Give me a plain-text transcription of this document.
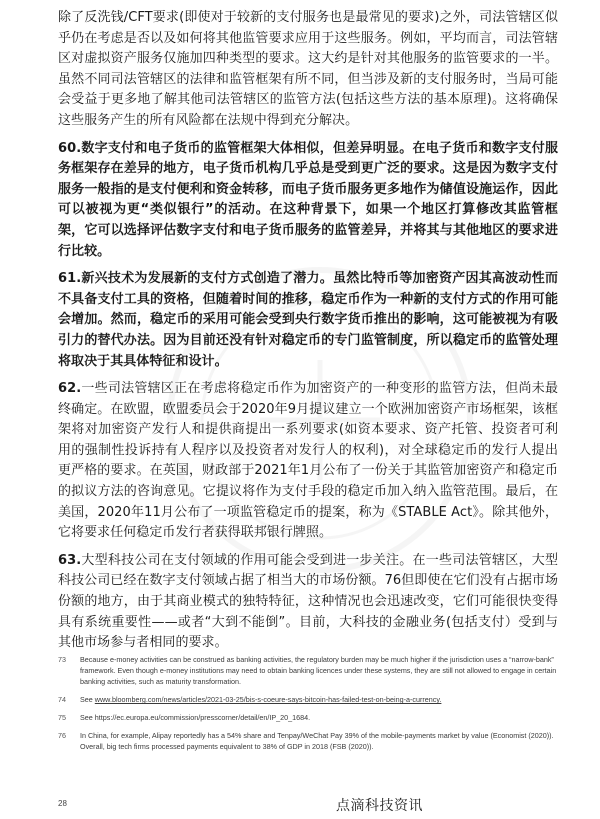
除了反洗钱/CFT要求(即使对于较新的支付服务也是最常见的要求)之外，司法管辖区似乎仍在考虑是否以及如何将其他监管要求应用于这些服务。例如，平均而言，司法管辖区对虚拟资产服务仅施加四种类型的要求。这大约是针对其他服务的监管要求的一半。虽然不同司法管辖区的法律和监管框架有所不同，但当涉及新的支付服务时，当局可能会受益于更多地了解其他司法管辖区的监管方法(包括这些方法的基本原理)。这将确保这些服务产生的所有风险都在法规中得到充分解决。

60.数字支付和电子货币的监管框架大体相似，但差异明显。在电子货币和数字支付服务框架存在差异的地方，电子货币机构几乎总是受到更广泛的要求。这是因为数字支付服务一般指的是支付便利和资金转移，而电子货币服务更多地作为储值设施运作，因此可以被视为更“类似银行”的活动。在这种背景下，如果一个地区打算修改其监管框架，它可以选择评估数字支付和电子货币服务的监管差异，并将其与其他地区的要求进行比较。

61.新兴技术为发展新的支付方式创造了潜力。虽然比特币等加密资产因其高波动性而不具备支付工具的资格，但随着时间的推移，稳定币作为一种新的支付方式的作用可能会增加。然而，稳定币的采用可能会受到央行数字货币推出的影响，这可能被视为有吸引力的替代办法。因为目前还没有针对稳定币的专门监管制度，所以稳定币的监管处理将取决于其具体特征和设计。

62.一些司法管辖区正在考虑将稳定币作为加密资产的一种变形的监管方法，但尚未最终确定。在欧盟，欧盟委员会于2020年9月提议建立一个欧洲加密资产市场框架，该框架将对加密资产发行人和提供商提出一系列要求(如资本要求、资产托管、投资者可利用的强制性投诉持有人程序以及投资者对发行人的权利)，对全球稳定币的发行人提出更严格的要求。在英国，财政部于2021年1月公布了一份关于其监管加密资产和稳定币的拟议方法的咨询意见。它提议将作为支付手段的稳定币加入纳入监管范围。最后，在美国，2020年11月公布了一项监管稳定币的提案，称为《STABLE Act》。除其他外，它将要求任何稳定币发行者获得联邦银行牌照。

63.大型科技公司在支付领域的作用可能会受到进一步关注。在一些司法管辖区，大型科技公司已经在数字支付领域占据了相当大的市场份额。76但即使在它们没有占据市场份额的地方，由于其商业模式的独特特征，这种情况也会迅速改变，它们可能很快变得具有系统重要性——或者“大到不能倒”。目前，大科技的金融业务(包括支付）受到与其他市场参与者相同的要求。

73 Because e-money activities can be construed as banking activities, the regulatory burden may be much higher if the jurisdiction uses a “narrow-bank” framework. Even though e-money institutions may need to obtain banking licences under these systems, they are still not allowed to engage in certain banking activities, such as maturity transformation.
74 See www.bloomberg.com/news/articles/2021-03-25/bis-s-coeure-says-bitcoin-has-failed-test-on-being-a-currency.
75 See https://ec.europa.eu/commission/presscorner/detail/en/IP_20_1684.
76 In China, for example, Alipay reportedly has a 54% share and Tenpay/WeChat Pay 39% of the mobile-payments market by value (Economist (2020)). Overall, big tech firms processed payments equivalent to 38% of GDP in 2018 (FSB (2020)).
28	点滴科技资讯
